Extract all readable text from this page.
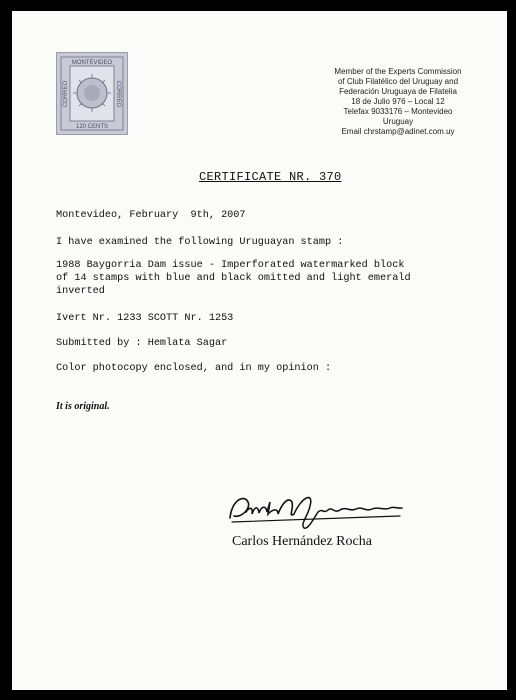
MONTEVIDEO
120 CENTS
CORREO	CORREO
Member of the Experts Commission
of Club Filatélico del Uruguay and
Federación Uruguaya de Filatelia
18 de Julio 976 – Local 12
Telefax 9033176 – Montevideo
Uruguay
Email chrstamp@adinet.com.uy
CERTIFICATE NR. 370
Montevideo, February  9th, 2007
I have examined the following Uruguayan stamp :
1988 Baygorria Dam issue - Imperforated watermarked block
of 14 stamps with blue and black omitted and light emerald
inverted
Ivert Nr. 1233 SCOTT Nr. 1253
Submitted by : Hemlata Sagar
Color photocopy enclosed, and in my opinion :
It is original.
Carlos Hernández Rocha
